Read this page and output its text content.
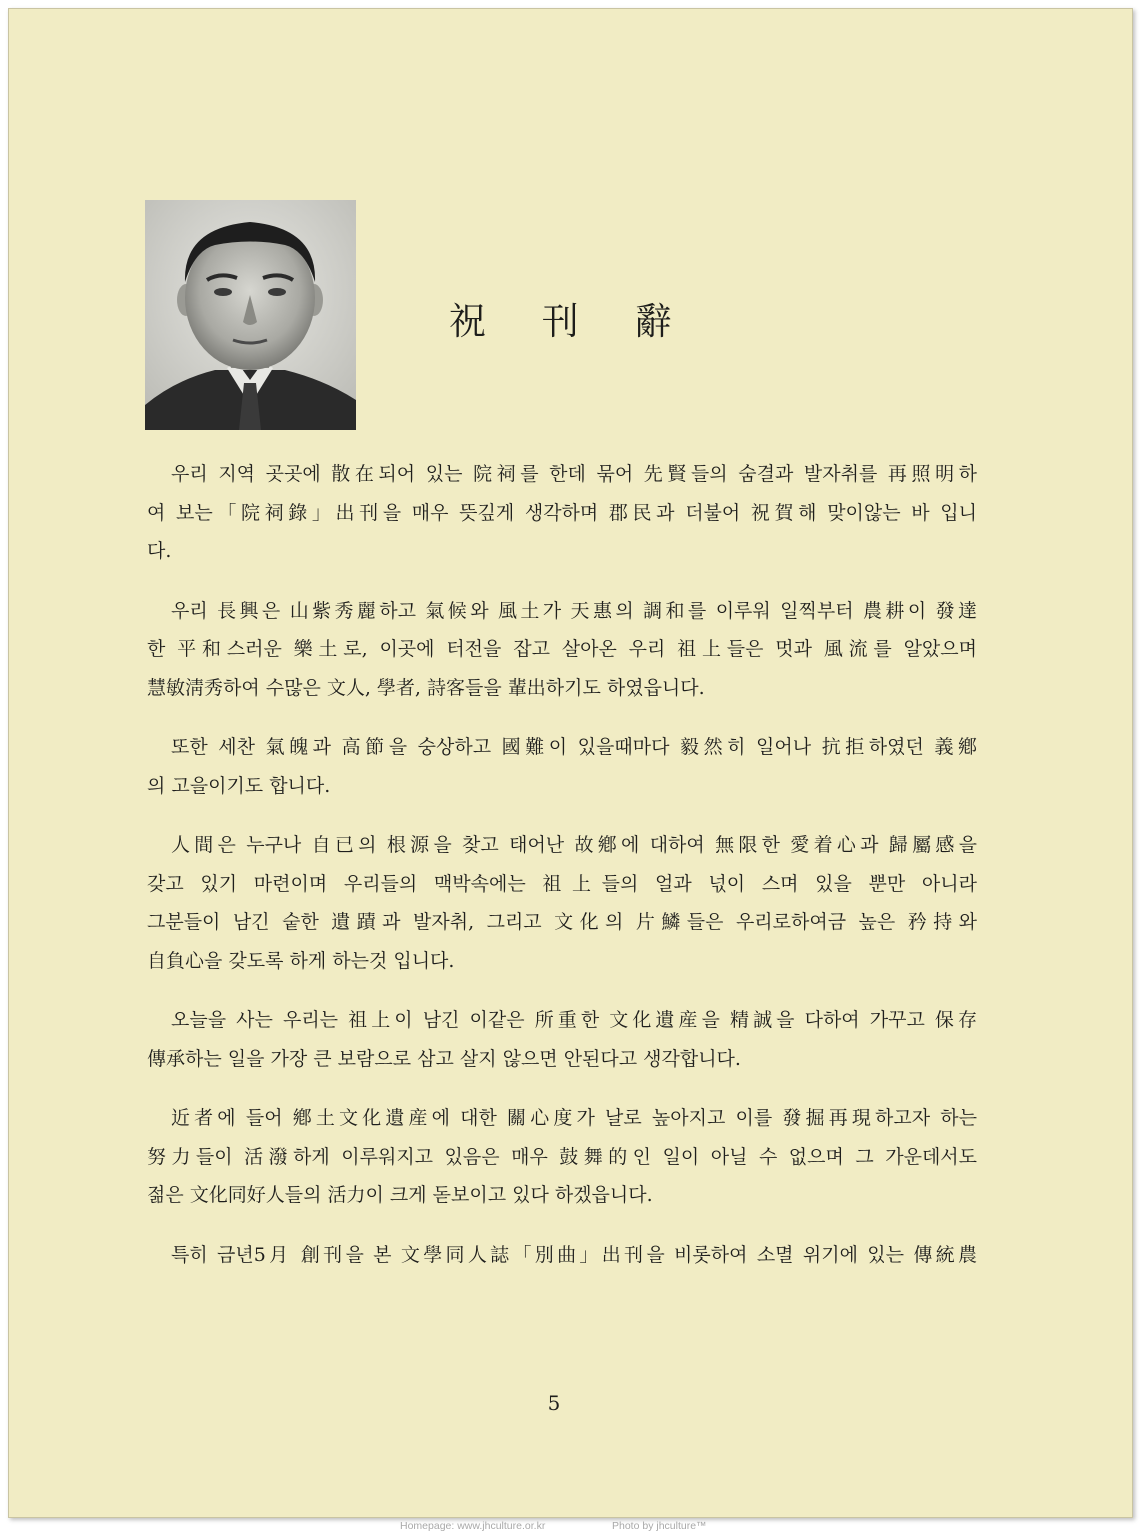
祝 刊 辭
우리 지역 곳곳에 散在되어 있는 院祠를 한데 묶어 先賢들의 숨결과 발자취를 再照明하
여 보는「院祠錄」出刊을 매우 뜻깊게 생각하며 郡民과 더불어 祝賀해 맞이않는 바 입니
다.
우리 長興은 山紫秀麗하고 氣候와 風土가 天惠의 調和를 이루워 일찍부터 農耕이 發達
한 平和스러운 樂土로, 이곳에 터전을 잡고 살아온 우리 祖上들은 멋과 風流를 알았으며
慧敏淸秀하여 수많은 文人, 學者, 詩客들을 輩出하기도 하였읍니다.
또한 세찬 氣魄과 高節을 숭상하고 國難이 있을때마다 毅然히 일어나 抗拒하였던 義鄕
의 고을이기도 합니다.
人間은 누구나 自已의 根源을 찾고 태어난 故鄕에 대하여 無限한 愛着心과 歸屬感을
갖고 있기 마련이며 우리들의 맥박속에는 祖上들의 얼과 넋이 스며 있을 뿐만 아니라
그분들이 남긴 숱한 遺蹟과 발자취, 그리고 文化의 片鱗들은 우리로하여금 높은 矜持와
自負心을 갖도록 하게 하는것 입니다.
오늘을 사는 우리는 祖上이 남긴 이같은 所重한 文化遺産을 精誠을 다하여 가꾸고 保存
傳承하는 일을 가장 큰 보람으로 삼고 살지 않으면 안된다고 생각합니다.
近者에 들어 鄕土文化遺産에 대한 關心度가 날로 높아지고 이를 發掘再現하고자 하는
努力들이 活潑하게 이루워지고 있음은 매우 鼓舞的인 일이 아닐 수 없으며 그 가운데서도
젊은 文化同好人들의 活力이 크게 돋보이고 있다 하겠읍니다.
특히 금년5月 創刊을 본 文學同人誌「別曲」出刊을 비롯하여 소멸 위기에 있는 傳統農
5
Homepage: www.jhculture.or.kr	Photo by jhculture™
